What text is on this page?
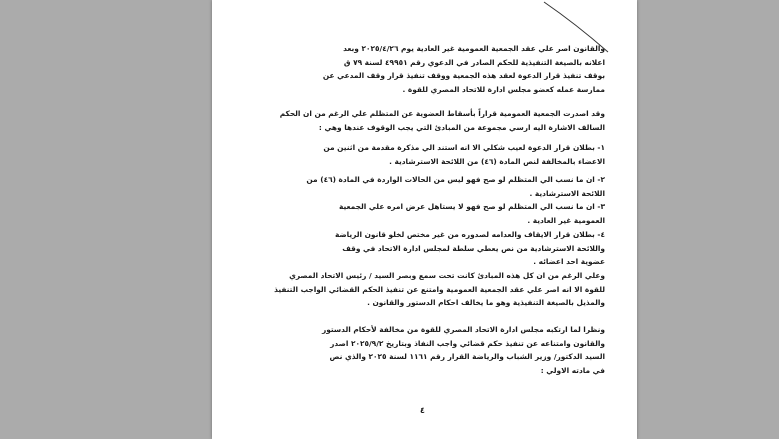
والقانون اصر علي عقد الجمعية العمومية غير العادية يوم ٢٠٢٥/٤/٢٦ وبعد
اعلانه بالصيغة التنفيذية للحكم الصادر في الدعوي رقم ٤٩٩٥١ لسنة ٧٩ ق
بوقف تنفيذ قرار الدعوة لعقد هذه الجمعية ووقف تنفيذ قرار وقف المدعي عن
ممارسة عمله كعضو مجلس ادارة للاتحاد المصري للقوة .

وقد اصدرت الجمعية العمومية قراراً بأسقاط العضوية عن المتظلم علي الرغم من ان الحكم
السالف الاشارة اليه ارسي مجموعة من المبادئ التي يجب الوقوف عندها وهي :

١- بطلان قرار الدعوة لعيب شكلي الا انه استند الي مذكرة مقدمة من اثنين من
الاعضاء بالمخالفة لنص المادة (٤٦) من اللائحة الاسترشادية .

٢- ان ما نسب الي المتظلم لو صح فهو ليس من الحالات الواردة في المادة (٤٦) من
اللائحة الاسترشادية .

٣- ان ما نسب الي المتظلم لو صح فهو لا يستاهل عرض امره علي الجمعية
العمومية غير العادية .

٤- بطلان قرار الايقاف والعدامه لصدوره من غير مختص لخلو قانون الرياضة
واللائحة الاسترشادية من نص يعطي سلطة لمجلس ادارة الاتحاد في وقف
عضوية احد اعضائه .

وعلي الرغم من ان كل هذه المبادئ كانت تحت سمع وبصر السيد / رئيس الاتحاد المصري
للقوة الا انه اصر علي عقد الجمعية العمومية وامتنع عن تنفيذ الحكم القضائي الواجب التنفيذ
والمذيل بالصيغة التنفيذية وهو ما يخالف احكام الدستور والقانون .

ونظرا لما ارتكبه مجلس ادارة الاتحاد المصري للقوة من مخالفة لأحكام الدستور
والقانون وامتناعه عن تنفيذ حكم قضائي واجب النفاذ وبتاريخ ٢٠٢٥/٩/٢ اصدر
السيد الدكتور/ وزير الشباب والرياضة القرار رقم ١١٦١ لسنة ٢٠٢٥ والذي نص
في مادته الاولي :

٤
